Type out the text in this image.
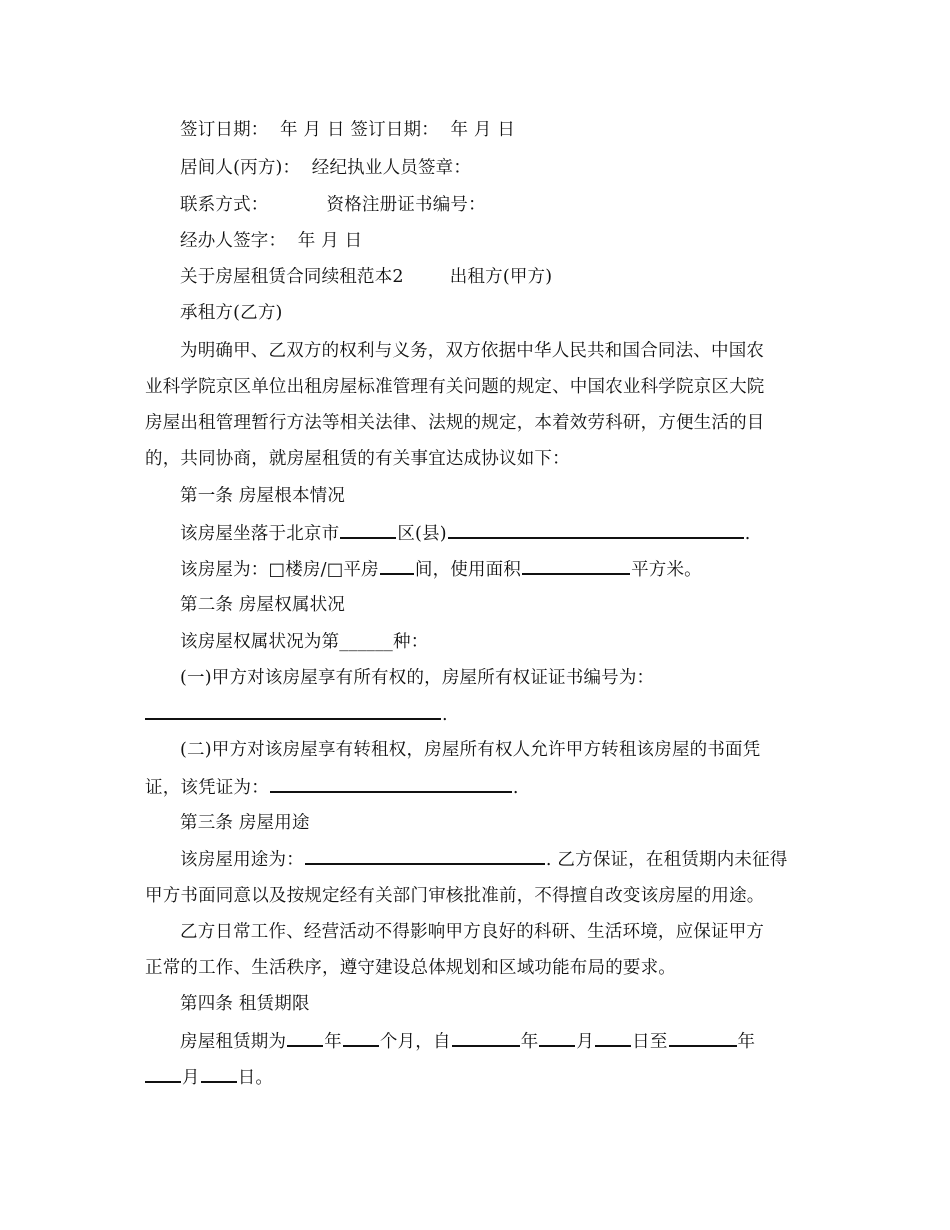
签订日期：  年 月 日 签订日期：  年 月 日
居间人(丙方)：  经纪执业人员签章：
联系方式：	资格注册证书编号：
经办人签字：  年 月 日
关于房屋租赁合同续租范本2	出租方(甲方)
承租方(乙方)
为明确甲、乙双方的权利与义务，双方依据中华人民共和国合同法、中国农
业科学院京区单位出租房屋标准管理有关问题的规定、中国农业科学院京区大院
房屋出租管理暂行方法等相关法律、法规的规定，本着效劳科研，方便生活的目
的，共同协商，就房屋租赁的有关事宜达成协议如下：
第一条 房屋根本情况
该房屋坐落于北京市	区(县)	.
该房屋为：□楼房/□平房 间，使用面积	平方米。
第二条 房屋权属状况
该房屋权属状况为第______种：
(一)甲方对该房屋享有所有权的，房屋所有权证证书编号为：
.
(二)甲方对该房屋享有转租权，房屋所有权人允许甲方转租该房屋的书面凭
证，该凭证为：	.
第三条 房屋用途
该房屋用途为：	. 乙方保证，在租赁期内未征得
甲方书面同意以及按规定经有关部门审核批准前，不得擅自改变该房屋的用途。
乙方日常工作、经营活动不得影响甲方良好的科研、生活环境，应保证甲方
正常的工作、生活秩序，遵守建设总体规划和区域功能布局的要求。
第四条 租赁期限
房屋租赁期为 年 个月，自	年 月 日至	年
月 日。
